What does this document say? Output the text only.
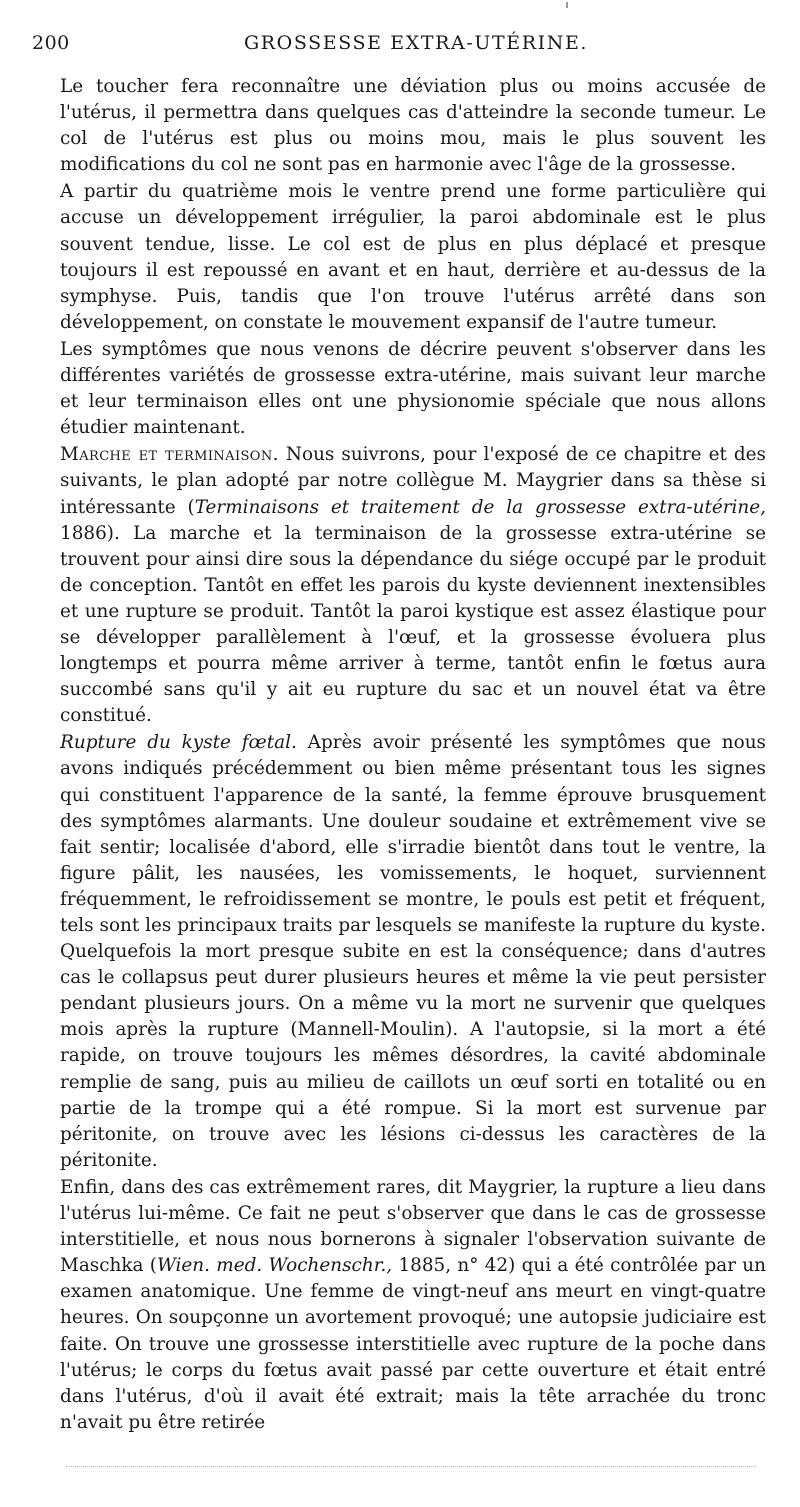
200	GROSSESSE EXTRA-UTÉRINE.

Le toucher fera reconnaître une déviation plus ou moins accusée de l'utérus, il permettra dans quelques cas d'atteindre la seconde tumeur. Le col de l'utérus est plus ou moins mou, mais le plus souvent les modifications du col ne sont pas en harmonie avec l'âge de la grossesse.

A partir du quatrième mois le ventre prend une forme particulière qui accuse un développement irrégulier, la paroi abdominale est le plus souvent tendue, lisse. Le col est de plus en plus déplacé et presque toujours il est repoussé en avant et en haut, derrière et au-dessus de la symphyse. Puis, tandis que l'on trouve l'utérus arrêté dans son développement, on constate le mouvement expansif de l'autre tumeur.

Les symptômes que nous venons de décrire peuvent s'observer dans les différentes variétés de grossesse extra-utérine, mais suivant leur marche et leur terminaison elles ont une physionomie spéciale que nous allons étudier maintenant.

Marche et terminaison. Nous suivrons, pour l'exposé de ce chapitre et des suivants, le plan adopté par notre collègue M. Maygrier dans sa thèse si intéressante (Terminaisons et traitement de la grossesse extra-utérine, 1886). La marche et la terminaison de la grossesse extra-utérine se trouvent pour ainsi dire sous la dépendance du siége occupé par le produit de conception. Tantôt en effet les parois du kyste deviennent inextensibles et une rupture se produit. Tantôt la paroi kystique est assez élastique pour se développer parallèlement à l'œuf, et la grossesse évoluera plus longtemps et pourra même arriver à terme, tantôt enfin le fœtus aura succombé sans qu'il y ait eu rupture du sac et un nouvel état va être constitué.

Rupture du kyste fœtal. Après avoir présenté les symptômes que nous avons indiqués précédemment ou bien même présentant tous les signes qui constituent l'apparence de la santé, la femme éprouve brusquement des symptômes alarmants. Une douleur soudaine et extrêmement vive se fait sentir; localisée d'abord, elle s'irradie bientôt dans tout le ventre, la figure pâlit, les nausées, les vomissements, le hoquet, surviennent fréquemment, le refroidissement se montre, le pouls est petit et fréquent, tels sont les principaux traits par lesquels se manifeste la rupture du kyste. Quelquefois la mort presque subite en est la conséquence; dans d'autres cas le collapsus peut durer plusieurs heures et même la vie peut persister pendant plusieurs jours. On a même vu la mort ne survenir que quelques mois après la rupture (Mannell-Moulin). A l'autopsie, si la mort a été rapide, on trouve toujours les mêmes désordres, la cavité abdominale remplie de sang, puis au milieu de caillots un œuf sorti en totalité ou en partie de la trompe qui a été rompue. Si la mort est survenue par péritonite, on trouve avec les lésions ci-dessus les caractères de la péritonite.

Enfin, dans des cas extrêmement rares, dit Maygrier, la rupture a lieu dans l'utérus lui-même. Ce fait ne peut s'observer que dans le cas de grossesse interstitielle, et nous nous bornerons à signaler l'observation suivante de Maschka (Wien. med. Wochenschr., 1885, n° 42) qui a été contrôlée par un examen anatomique. Une femme de vingt-neuf ans meurt en vingt-quatre heures. On soupçonne un avortement provoqué; une autopsie judiciaire est faite. On trouve une grossesse interstitielle avec rupture de la poche dans l'utérus; le corps du fœtus avait passé par cette ouverture et était entré dans l'utérus, d'où il avait été extrait; mais la tête arrachée du tronc n'avait pu être retirée
